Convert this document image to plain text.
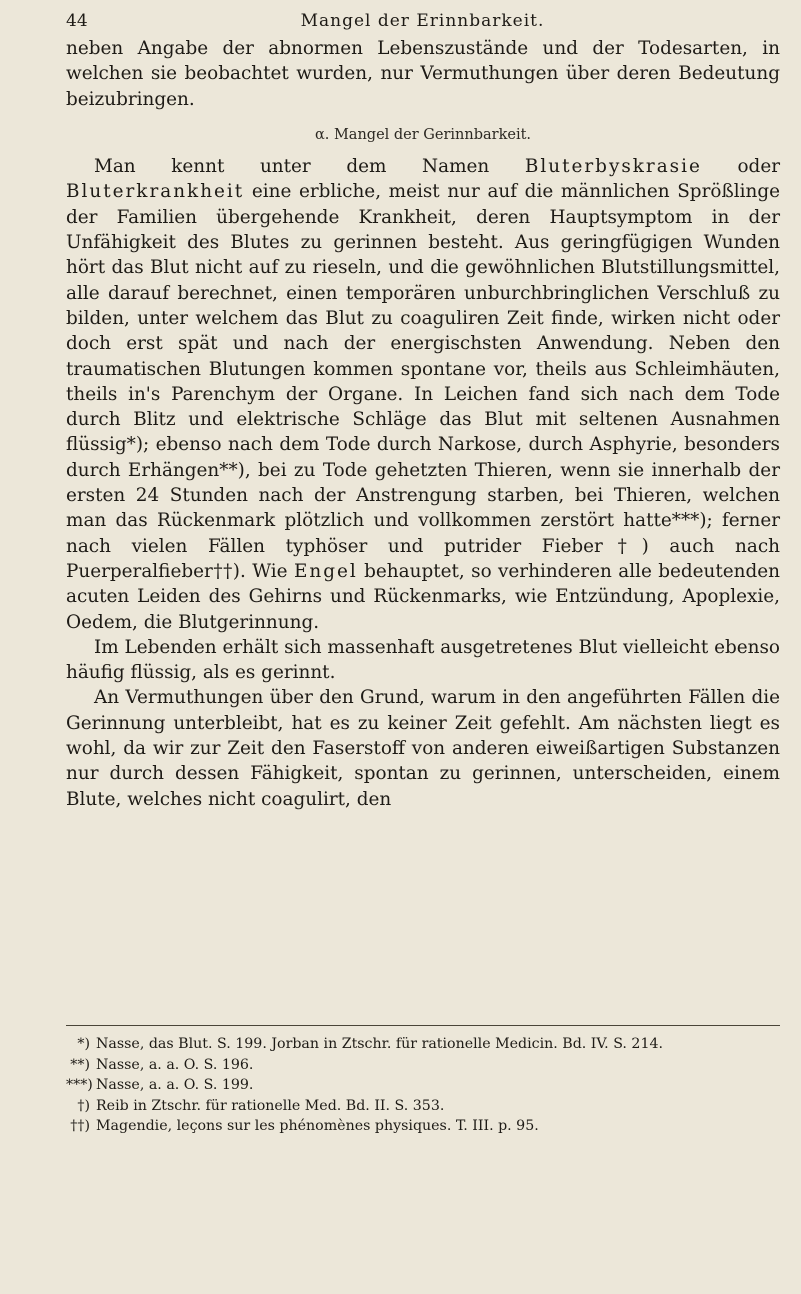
44	Mangel der Erinnbarkeit.

neben Angabe der abnormen Lebenszustände und der Todesarten, in welchen sie beobachtet wurden, nur Vermuthungen über deren Bedeutung beizubringen.

α. Mangel der Gerinnbarkeit.

Man kennt unter dem Namen Bluterbyskrasie oder Bluterkrankheit eine erbliche, meist nur auf die männlichen Sprößlinge der Familien übergehende Krankheit, deren Hauptsymptom in der Unfähigkeit des Blutes zu gerinnen besteht. Aus geringfügigen Wunden hört das Blut nicht auf zu rieseln, und die gewöhnlichen Blutstillungsmittel, alle darauf berechnet, einen temporären unburchbringlichen Verschluß zu bilden, unter welchem das Blut zu coaguliren Zeit finde, wirken nicht oder doch erst spät und nach der energischsten Anwendung. Neben den traumatischen Blutungen kommen spontane vor, theils aus Schleimhäuten, theils in's Parenchym der Organe. In Leichen fand sich nach dem Tode durch Blitz und elektrische Schläge das Blut mit seltenen Ausnahmen flüssig*); ebenso nach dem Tode durch Narkose, durch Asphyrie, besonders durch Erhängen**), bei zu Tode gehetzten Thieren, wenn sie innerhalb der ersten 24 Stunden nach der Anstrengung starben, bei Thieren, welchen man das Rückenmark plötzlich und vollkommen zerstört hatte***); ferner nach vielen Fällen typhöser und putrider Fieber†) auch nach Puerperalfieber††). Wie Engel behauptet, so verhinderen alle bedeutenden acuten Leiden des Gehirns und Rückenmarks, wie Entzündung, Apoplexie, Oedem, die Blutgerinnung.

Im Lebenden erhält sich massenhaft ausgetretenes Blut vielleicht ebenso häufig flüssig, als es gerinnt.

An Vermuthungen über den Grund, warum in den angeführten Fällen die Gerinnung unterbleibt, hat es zu keiner Zeit gefehlt. Am nächsten liegt es wohl, da wir zur Zeit den Faserstoff von anderen eiweißartigen Substanzen nur durch dessen Fähigkeit, spontan zu gerinnen, unterscheiden, einem Blute, welches nicht coagulirt, den

*) Nasse, das Blut. S. 199. Jorban in Ztschr. für rationelle Medicin. Bd. IV. S. 214.

**) Nasse, a. a. O. S. 196.

***) Nasse, a. a. O. S. 199.

†) Reib in Ztschr. für rationelle Med. Bd. II. S. 353.

††) Magendie, leçons sur les phénomènes physiques. T. III. p. 95.
